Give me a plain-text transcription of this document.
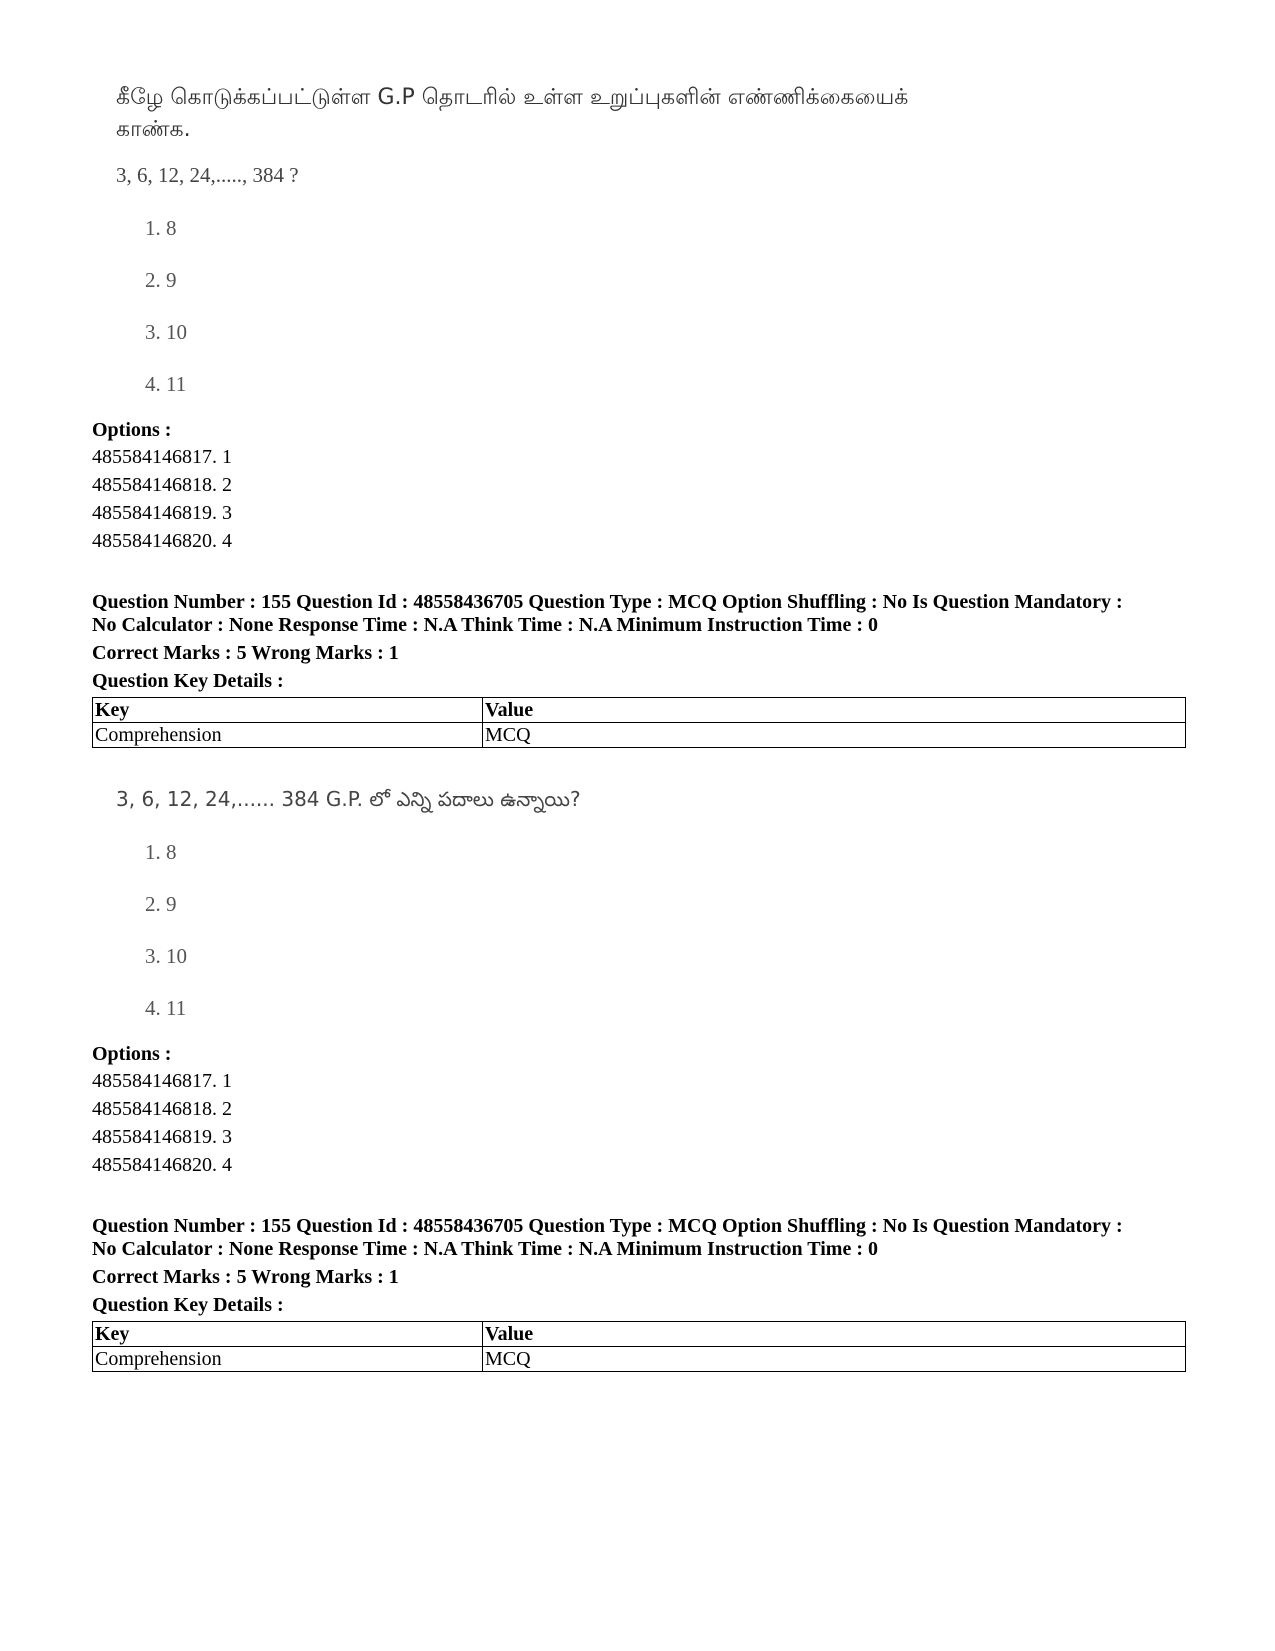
கீழே கொடுக்கப்பட்டுள்ள G.P தொடரில் உள்ள உறுப்புகளின் எண்ணிக்கையைக்
காண்க.
3, 6, 12, 24,....., 384 ?
1. 8
2. 9
3. 10
4. 11
Options :
485584146817. 1
485584146818. 2
485584146819. 3
485584146820. 4
Question Number : 155 Question Id : 48558436705 Question Type : MCQ Option Shuffling : No Is Question Mandatory :
No Calculator : None Response Time : N.A Think Time : N.A Minimum Instruction Time : 0
Correct Marks : 5 Wrong Marks : 1
Question Key Details :
Key	Value
Comprehension	MCQ
3, 6, 12, 24,...... 384 G.P. లో ఎన్ని పదాలు ఉన్నాయి?
1. 8
2. 9
3. 10
4. 11
Options :
485584146817. 1
485584146818. 2
485584146819. 3
485584146820. 4
Question Number : 155 Question Id : 48558436705 Question Type : MCQ Option Shuffling : No Is Question Mandatory :
No Calculator : None Response Time : N.A Think Time : N.A Minimum Instruction Time : 0
Correct Marks : 5 Wrong Marks : 1
Question Key Details :
Key	Value
Comprehension	MCQ
